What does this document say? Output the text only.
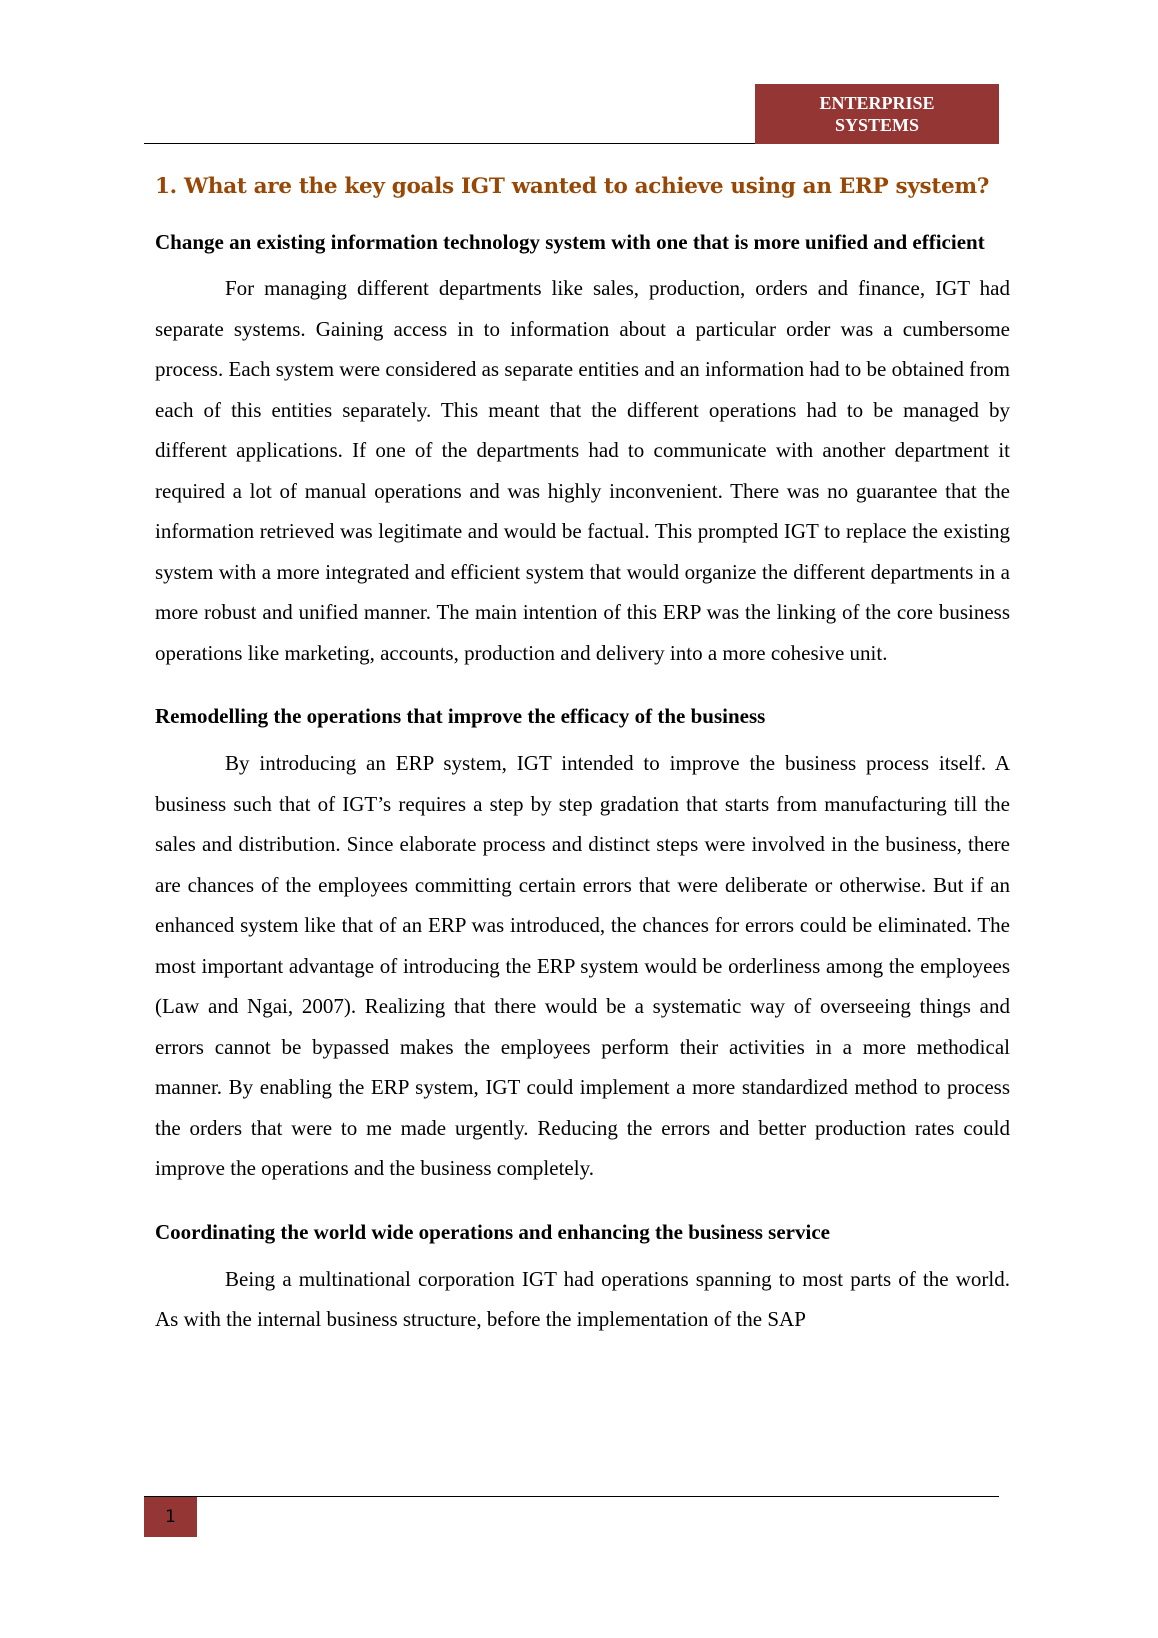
ENTERPRISE
SYSTEMS
1. What are the key goals IGT wanted to achieve using an ERP system?

Change an existing information technology system with one that is more unified and efficient

For managing different departments like sales, production, orders and finance, IGT had separate systems. Gaining access in to information about a particular order was a cumbersome process. Each system were considered as separate entities and an information had to be obtained from each of this entities separately. This meant that the different operations had to be managed by different applications. If one of the departments had to communicate with another department it required a lot of manual operations and was highly inconvenient. There was no guarantee that the information retrieved was legitimate and would be factual. This prompted IGT to replace the existing system with a more integrated and efficient system that would organize the different departments in a more robust and unified manner. The main intention of this ERP was the linking of the core business operations like marketing, accounts, production and delivery into a more cohesive unit.

Remodelling the operations that improve the efficacy of the business

By introducing an ERP system, IGT intended to improve the business process itself. A business such that of IGT’s requires a step by step gradation that starts from manufacturing till the sales and distribution. Since elaborate process and distinct steps were involved in the business, there are chances of the employees committing certain errors that were deliberate or otherwise. But if an enhanced system like that of an ERP was introduced, the chances for errors could be eliminated. The most important advantage of introducing the ERP system would be orderliness among the employees (Law and Ngai, 2007). Realizing that there would be a systematic way of overseeing things and errors cannot be bypassed makes the employees perform their activities in a more methodical manner. By enabling the ERP system, IGT could implement a more standardized method to process the orders that were to me made urgently. Reducing the errors and better production rates could improve the operations and the business completely.

Coordinating the world wide operations and enhancing the business service

Being a multinational corporation IGT had operations spanning to most parts of the world. As with the internal business structure, before the implementation of the SAP

1
